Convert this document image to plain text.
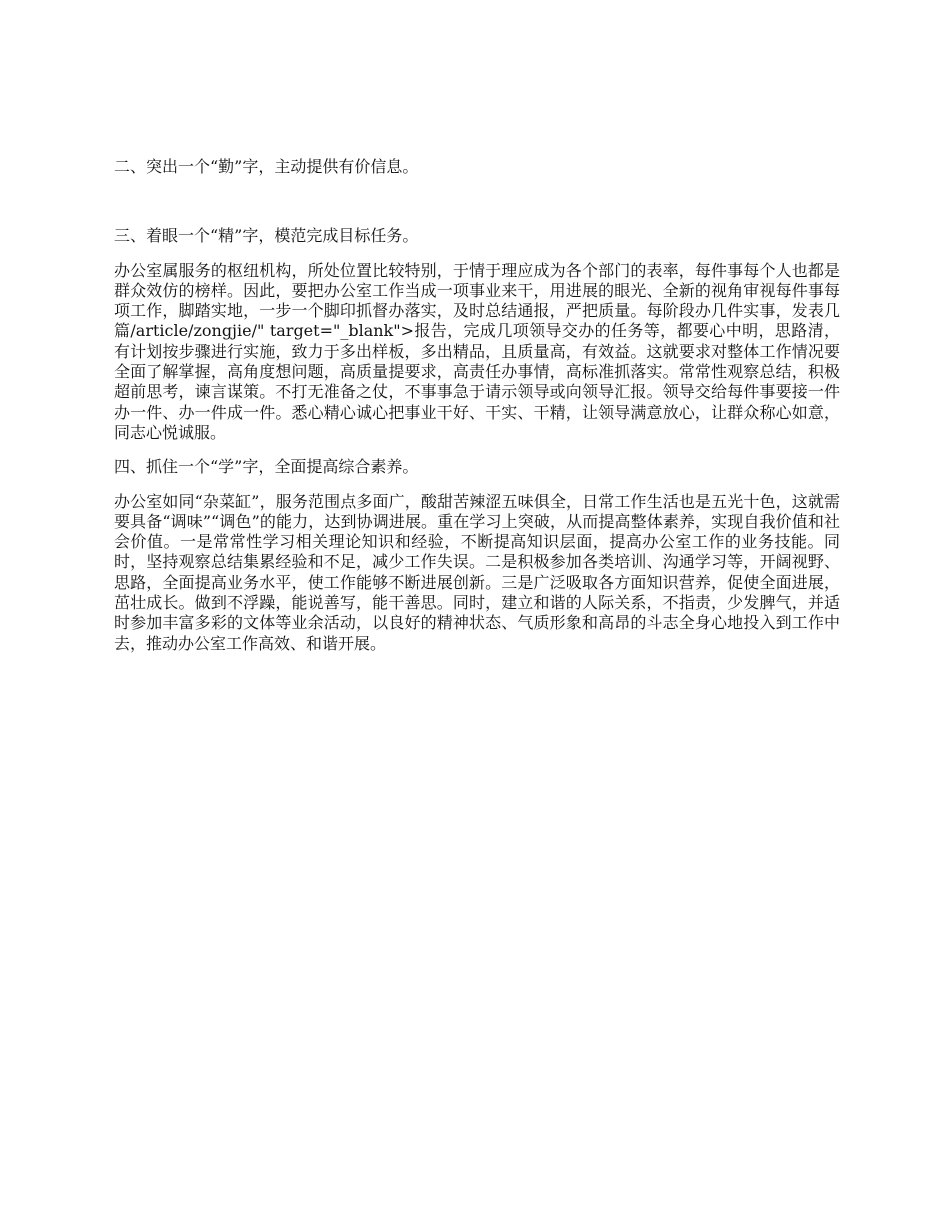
二、突出一个“勤”字，主动提供有价信息。

三、着眼一个“精”字，模范完成目标任务。

办公室属服务的枢纽机构，所处位置比较特别，于情于理应成为各个部门的表率，每件事每个人也都是群众效仿的榜样。因此，要把办公室工作当成一项事业来干，用进展的眼光、全新的视角审视每件事每项工作，脚踏实地，一步一个脚印抓督办落实，及时总结通报，严把质量。每阶段办几件实事，发表几篇/article/zongjie/" target="_blank">报告，完成几项领导交办的任务等，都要心中明，思路清，有计划按步骤进行实施，致力于多出样板，多出精品，且质量高，有效益。这就要求对整体工作情况要全面了解掌握，高角度想问题，高质量提要求，高责任办事情，高标准抓落实。常常性观察总结，积极超前思考，谏言谋策。不打无准备之仗，不事事急于请示领导或向领导汇报。领导交给每件事要接一件办一件、办一件成一件。悉心精心诚心把事业干好、干实、干精，让领导满意放心，让群众称心如意，同志心悦诚服。

四、抓住一个“学”字，全面提高综合素养。

办公室如同“杂菜缸”，服务范围点多面广，酸甜苦辣涩五味俱全，日常工作生活也是五光十色，这就需要具备“调味”“调色”的能力，达到协调进展。重在学习上突破，从而提高整体素养，实现自我价值和社会价值。一是常常性学习相关理论知识和经验，不断提高知识层面，提高办公室工作的业务技能。同时，坚持观察总结集累经验和不足，减少工作失误。二是积极参加各类培训、沟通学习等，开阔视野、思路，全面提高业务水平，使工作能够不断进展创新。三是广泛吸取各方面知识营养，促使全面进展，茁壮成长。做到不浮躁，能说善写，能干善思。同时，建立和谐的人际关系，不指责，少发脾气，并适时参加丰富多彩的文体等业余活动，以良好的精神状态、气质形象和高昂的斗志全身心地投入到工作中去，推动办公室工作高效、和谐开展。
